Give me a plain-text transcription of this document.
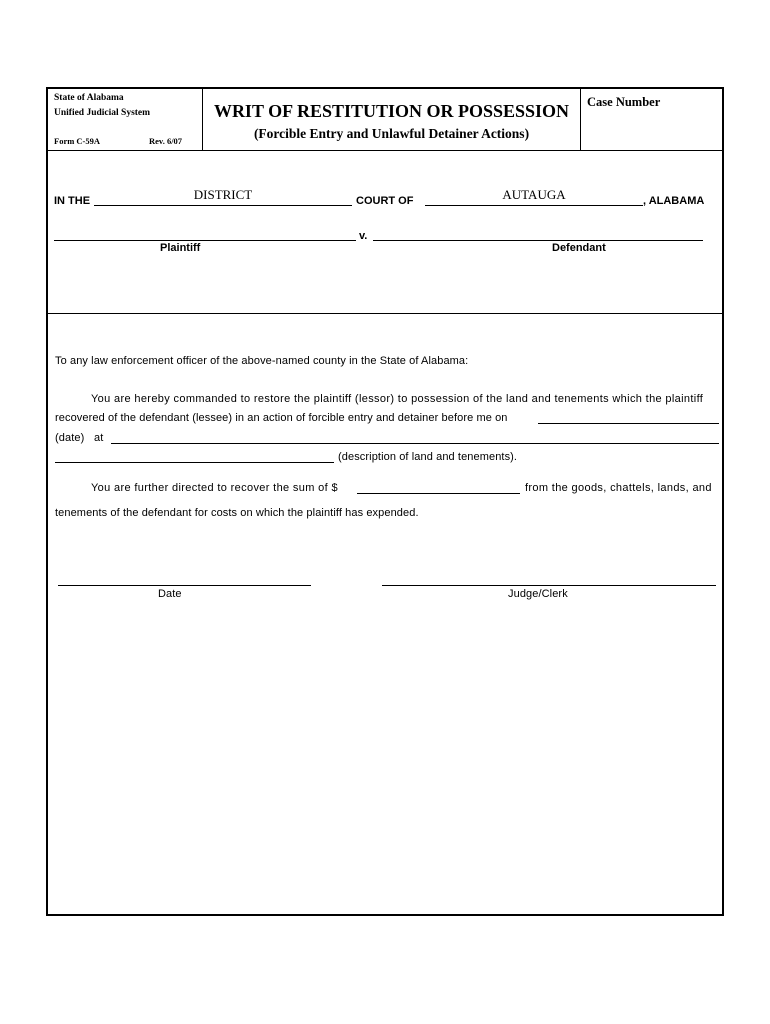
State of Alabama
Unified Judicial System
Form C-59A	Rev. 6/07
WRIT OF RESTITUTION OR POSSESSION
(Forcible Entry and Unlawful Detainer Actions)
Case Number
IN THE	DISTRICT	COURT OF	AUTAUGA	, ALABAMA
v.
Plaintiff	Defendant
To any law enforcement officer of the above-named county in the State of Alabama:
You are hereby commanded to restore the plaintiff (lessor) to possession of the land and tenements which the plaintiff
recovered of the defendant (lessee) in an action of forcible entry and detainer before me on
(date) at
(description of land and tenements).
You are further directed to recover the sum of $	from the goods, chattels, lands, and
tenements of the defendant for costs on which the plaintiff has expended.
Date	Judge/Clerk
